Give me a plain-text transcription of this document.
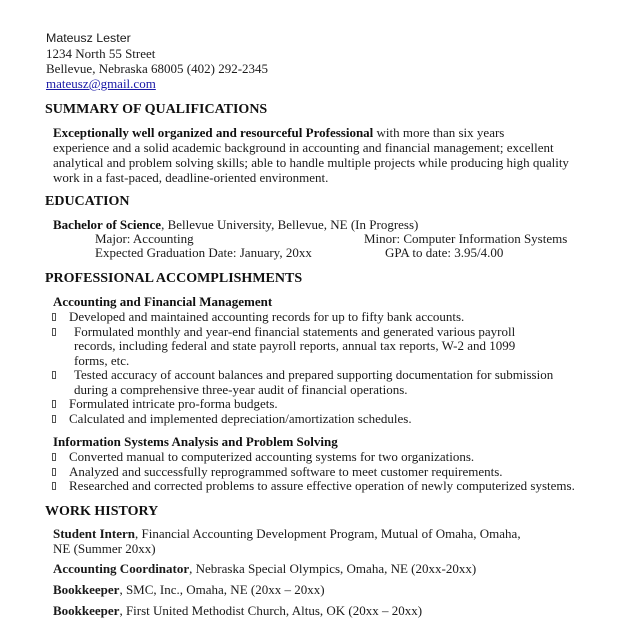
Mateusz Lester
1234 North 55 Street
Bellevue, Nebraska 68005 (402) 292-2345
mateusz@gmail.com
SUMMARY OF QUALIFICATIONS
Exceptionally well organized and resourceful Professional with more than six years
experience and a solid academic background in accounting and financial management; excellent
analytical and problem solving skills; able to handle multiple projects while producing high quality
work in a fast-paced, deadline-oriented environment.
EDUCATION
Bachelor of Science, Bellevue University, Bellevue, NE (In Progress)
Major: Accounting	Minor: Computer Information Systems
Expected Graduation Date: January, 20xx	GPA to date: 3.95/4.00
PROFESSIONAL ACCOMPLISHMENTS
Accounting and Financial Management
Developed and maintained accounting records for up to fifty bank accounts.
Formulated monthly and year-end financial statements and generated various payroll
records, including federal and state payroll reports, annual tax reports, W-2 and 1099
forms, etc.
Tested accuracy of account balances and prepared supporting documentation for submission
during a comprehensive three-year audit of financial operations.
Formulated intricate pro-forma budgets.
Calculated and implemented depreciation/amortization schedules.
Information Systems Analysis and Problem Solving
Converted manual to computerized accounting systems for two organizations.
Analyzed and successfully reprogrammed software to meet customer requirements.
Researched and corrected problems to assure effective operation of newly computerized systems.
WORK HISTORY
Student Intern, Financial Accounting Development Program, Mutual of Omaha, Omaha,
NE (Summer 20xx)
Accounting Coordinator, Nebraska Special Olympics, Omaha, NE (20xx-20xx)
Bookkeeper, SMC, Inc., Omaha, NE (20xx – 20xx)
Bookkeeper, First United Methodist Church, Altus, OK (20xx – 20xx)
